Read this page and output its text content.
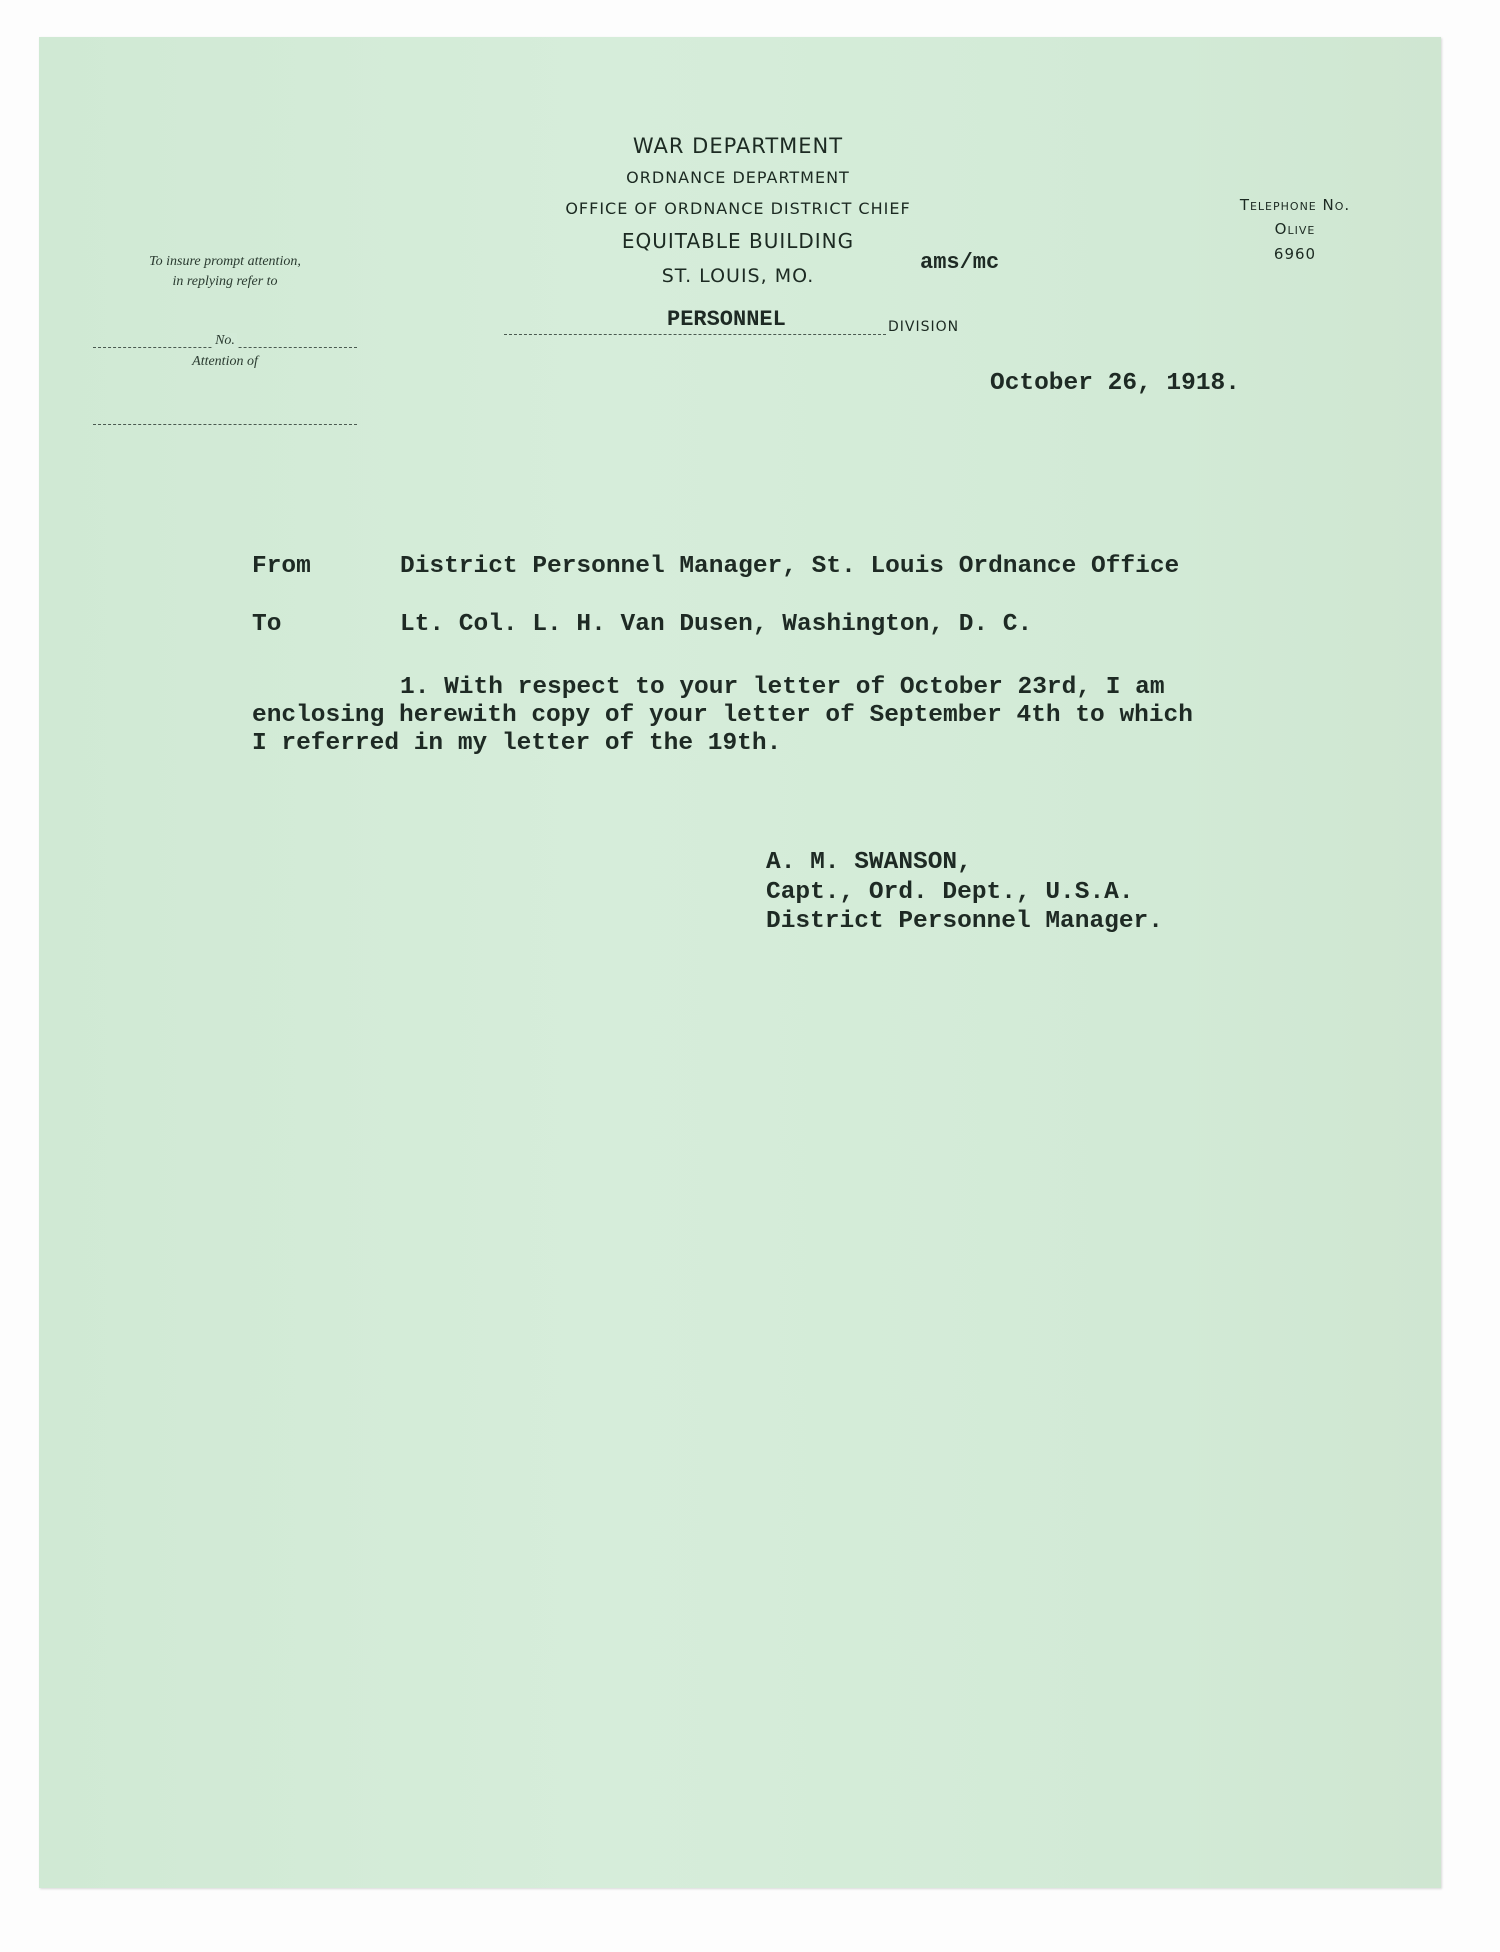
WAR DEPARTMENT
ORDNANCE DEPARTMENT
OFFICE OF ORDNANCE DISTRICT CHIEF
EQUITABLE BUILDING
ST. LOUIS, MO.
ams/mc
PERSONNEL	DIVISION
Telephone No.
Olive
6960
To insure prompt attention,
in replying refer to
No.
Attention of
October 26, 1918.
From	District Personnel Manager, St. Louis Ordnance Office
To	Lt. Col. L. H. Van Dusen, Washington, D. C.
1. With respect to your letter of October 23rd, I am
enclosing herewith copy of your letter of September 4th to which
I referred in my letter of the 19th.
A. M. SWANSON,
Capt., Ord. Dept., U.S.A.
District Personnel Manager.
